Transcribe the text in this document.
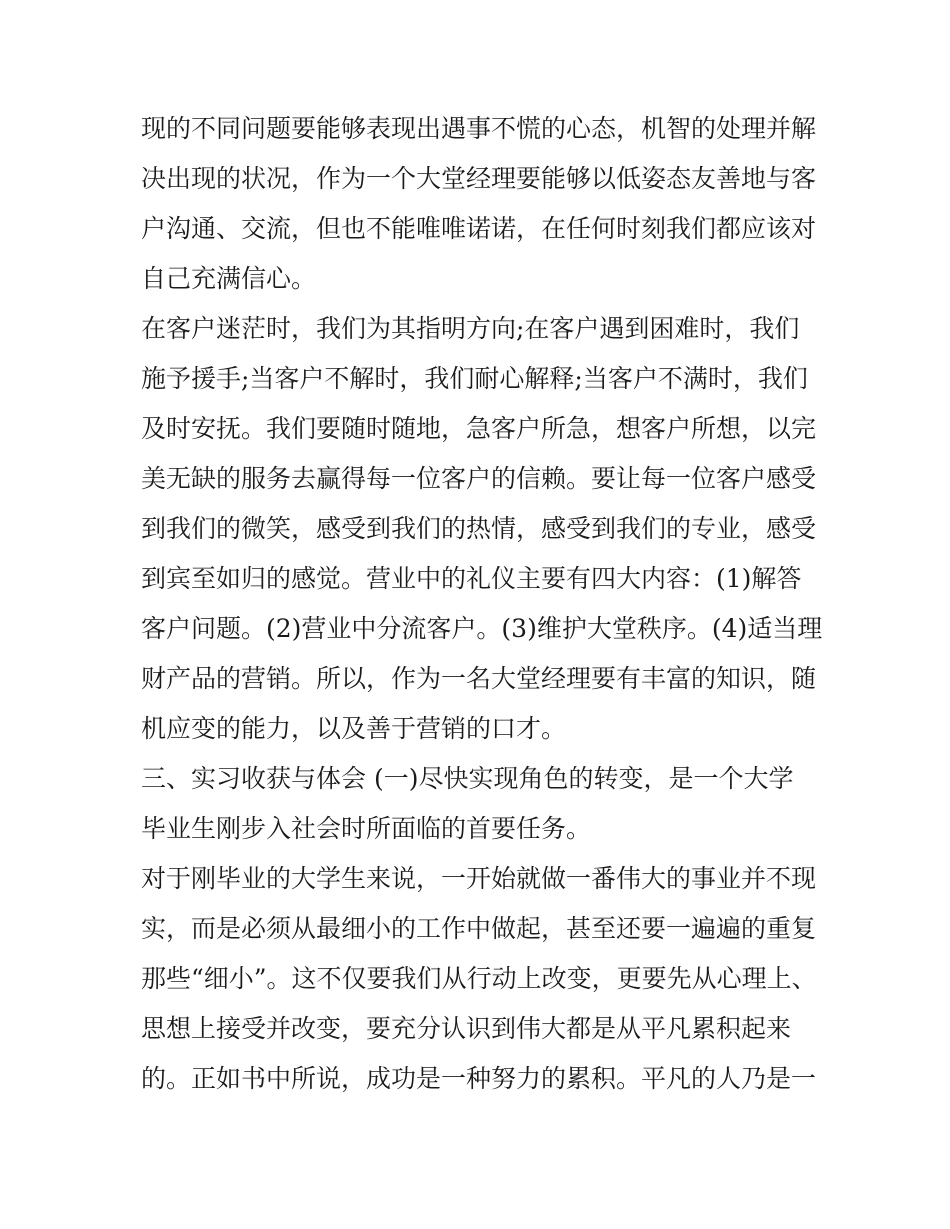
现的不同问题要能够表现出遇事不慌的心态，机智的处理并解

决出现的状况，作为一个大堂经理要能够以低姿态友善地与客

户沟通、交流，但也不能唯唯诺诺，在任何时刻我们都应该对

自己充满信心。

在客户迷茫时，我们为其指明方向;在客户遇到困难时，我们

施予援手;当客户不解时，我们耐心解释;当客户不满时，我们

及时安抚。我们要随时随地，急客户所急，想客户所想，以完

美无缺的服务去赢得每一位客户的信赖。要让每一位客户感受

到我们的微笑，感受到我们的热情，感受到我们的专业，感受

到宾至如归的感觉。营业中的礼仪主要有四大内容：(1)解答

客户问题。(2)营业中分流客户。(3)维护大堂秩序。(4)适当理

财产品的营销。所以，作为一名大堂经理要有丰富的知识，随

机应变的能力，以及善于营销的口才。

三、实习收获与体会 (一)尽快实现角色的转变，是一个大学

毕业生刚步入社会时所面临的首要任务。

对于刚毕业的大学生来说，一开始就做一番伟大的事业并不现

实，而是必须从最细小的工作中做起，甚至还要一遍遍的重复

那些“细小”。这不仅要我们从行动上改变，更要先从心理上、

思想上接受并改变，要充分认识到伟大都是从平凡累积起来

的。正如书中所说，成功是一种努力的累积。平凡的人乃是一
